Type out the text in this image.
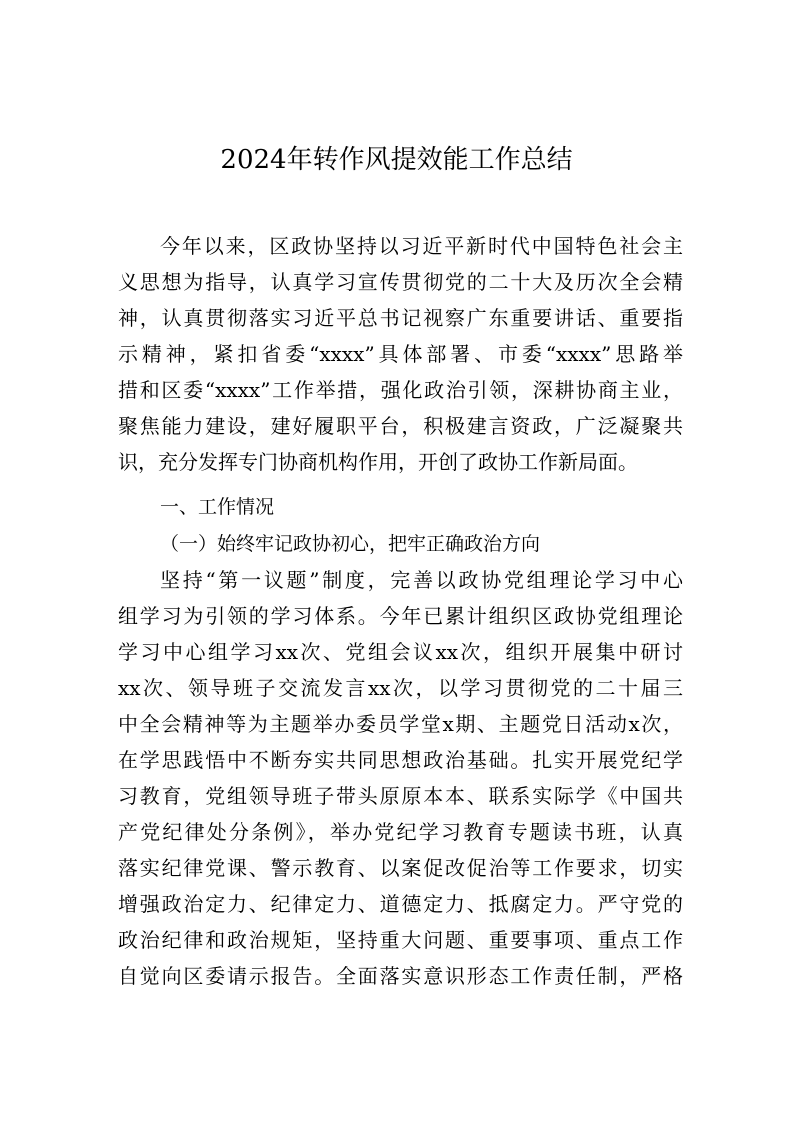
2024年转作风提效能工作总结
今年以来，区政协坚持以习近平新时代中国特色社会主
义思想为指导，认真学习宣传贯彻党的二十大及历次全会精
神，认真贯彻落实习近平总书记视察广东重要讲话、重要指
示精神，紧扣省委“xxxx”具体部署、市委“xxxx”思路举
措和区委“xxxx”工作举措，强化政治引领，深耕协商主业，
聚焦能力建设，建好履职平台，积极建言资政，广泛凝聚共
识，充分发挥专门协商机构作用，开创了政协工作新局面。
一、工作情况
（一）始终牢记政协初心，把牢正确政治方向
坚持“第一议题”制度，完善以政协党组理论学习中心
组学习为引领的学习体系。今年已累计组织区政协党组理论
学习中心组学习xx次、党组会议xx次，组织开展集中研讨
xx次、领导班子交流发言xx次，以学习贯彻党的二十届三
中全会精神等为主题举办委员学堂x期、主题党日活动x次，
在学思践悟中不断夯实共同思想政治基础。扎实开展党纪学
习教育，党组领导班子带头原原本本、联系实际学《中国共
产党纪律处分条例》，举办党纪学习教育专题读书班，认真
落实纪律党课、警示教育、以案促改促治等工作要求，切实
增强政治定力、纪律定力、道德定力、抵腐定力。严守党的
政治纪律和政治规矩，坚持重大问题、重要事项、重点工作
自觉向区委请示报告。全面落实意识形态工作责任制，严格
